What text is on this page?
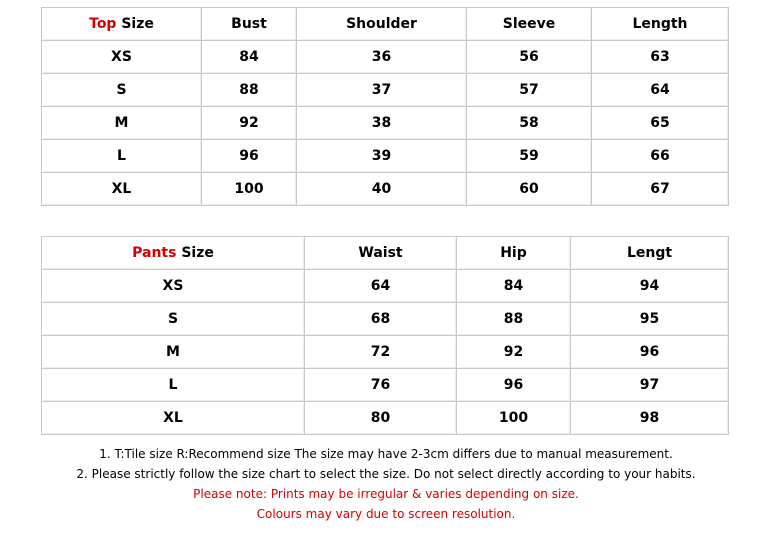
Top Size	Bust	Shoulder	Sleeve	Length
XS	84	36	56	63
S	88	37	57	64
M	92	38	58	65
L	96	39	59	66
XL	100	40	60	67
Pants Size	Waist	Hip	Lengt
XS	64	84	94
S	68	88	95
M	72	92	96
L	76	96	97
XL	80	100	98
1. T:Tile size R:Recommend size The size may have 2-3cm differs due to manual measurement.
2. Please strictly follow the size chart to select the size. Do not select directly according to your habits.
Please note: Prints may be irregular & varies depending on size.
Colours may vary due to screen resolution.
